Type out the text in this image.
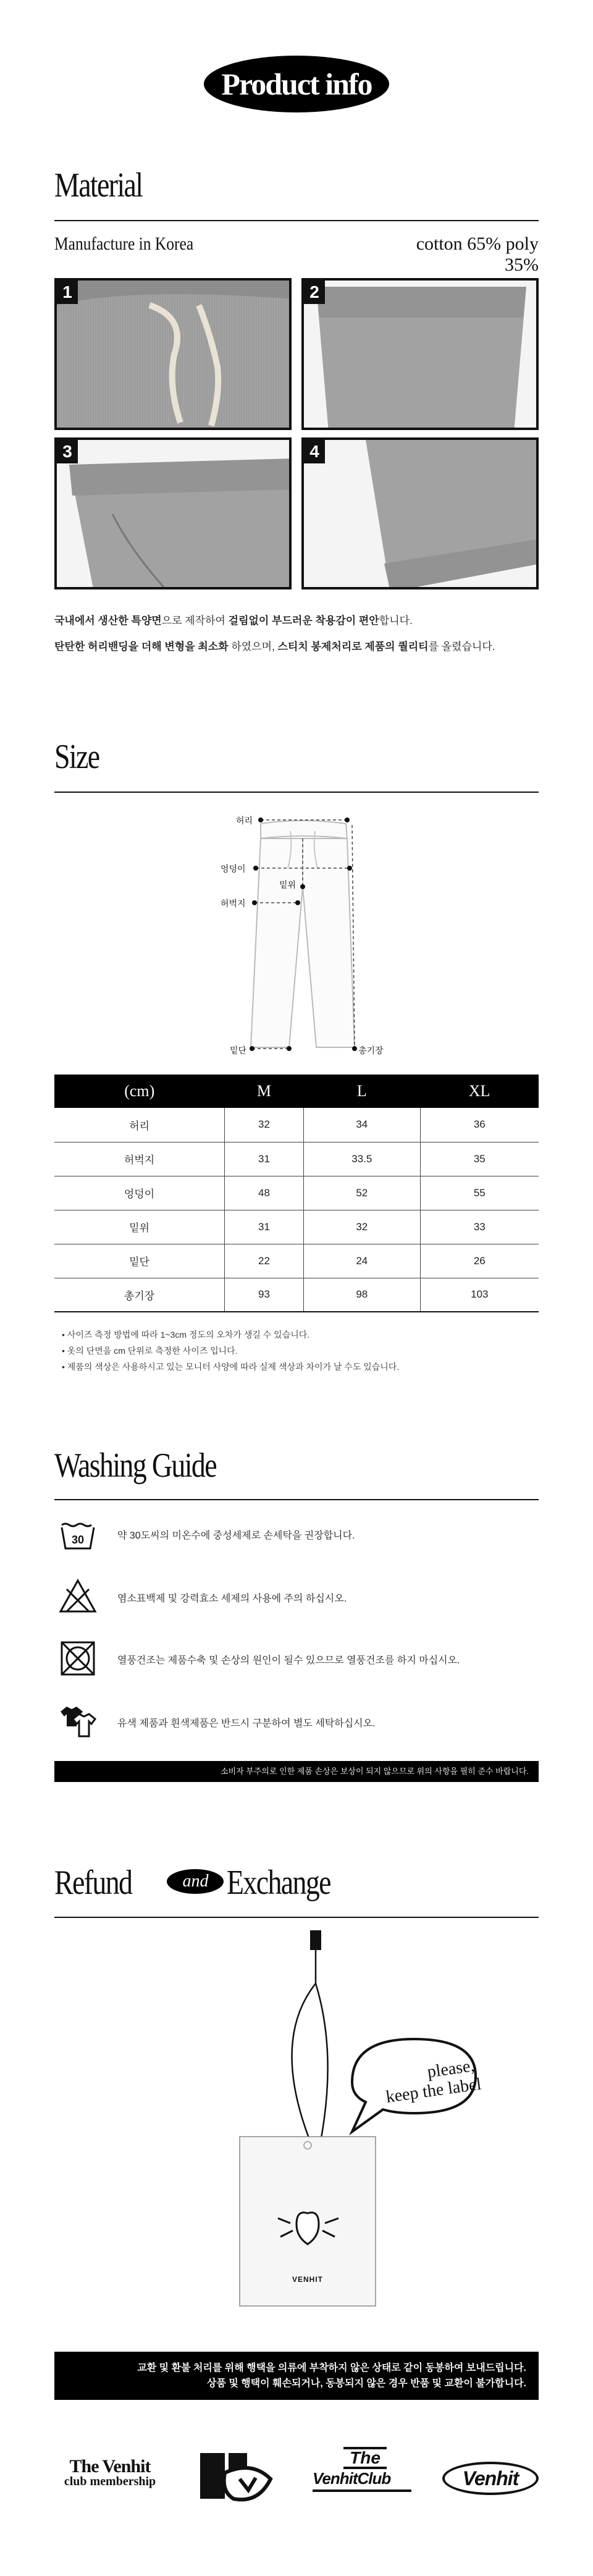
Product info
Material
Manufacture in Korea	cotton 65% poly 35%
1	2
3	4
국내에서 생산한 특양면으로 제작하여 걸림없이 부드러운 착용감이 편안합니다.
탄탄한 허리밴딩을 더해 변형을 최소화 하였으며, 스티치 봉제처리로 제품의 퀄리티를 올렸습니다.
Size
허리
엉덩이
밑위
허벅지
밑단	총기장
(cm)	M	L	XL
허리	32	34	36
허벅지	31	33.5	35
엉덩이	48	52	55
밑위	31	32	33
밑단	22	24	26
총기장	93	98	103
• 사이즈 측정 방법에 따라 1~3cm 정도의 오차가 생길 수 있습니다.
• 옷의 단면을 cm 단위로 측정한 사이즈 입니다.
• 제품의 색상은 사용하시고 있는 모니터 사양에 따라 실제 색상과 차이가 날 수도 있습니다.
Washing Guide
30	약 30도씨의 미온수에 중성세제로 손세탁을 권장합니다.
염소표백제 및 강력효소 세제의 사용에 주의 하십시오.
열풍건조는 제품수축 및 손상의 원인이 될수 있으므로 열풍건조를 하지 마십시오.
유색 제품과 흰색제품은 반드시 구분하여 별도 세탁하십시오.
소비자 부주의로 인한 제품 손상은 보상이 되지 않으므로 위의 사항을 필히 준수 바랍니다.
Refund	and Exchange
please,
keep the label
VENHIT
교환 및 환불 처리를 위해 행택을 의류에 부착하지 않은 상태로 같이 동봉하여 보내드립니다.
상품 및 행택이 훼손되거나, 동봉되지 않은 경우 반품 및 교환이 불가합니다.
The Venhit
club membership
The
VenhitClub	Venhit
